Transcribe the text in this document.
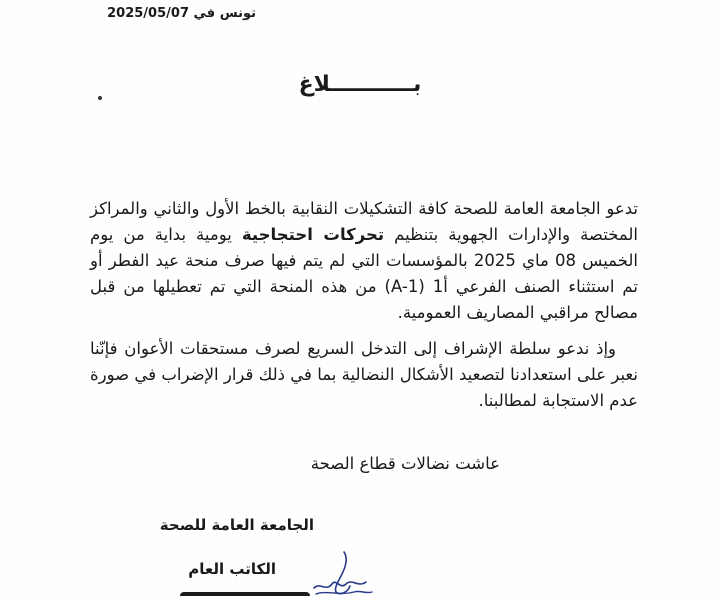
تونس في 2025/05/07
بـــــــــــلاغ

تدعو الجامعة العامة للصحة كافة التشكيلات النقابية بالخط الأول والثاني والمراكز المختصة والإدارات الجهوية بتنظيم تحركات احتجاجية يومية بداية من يوم الخميس 08 ماي 2025 بالمؤسسات التي لم يتم فيها صرف منحة عيد الفطر أو تم استثناء الصنف الفرعي أ1 (A-1) من هذه المنحة التي تم تعطيلها من قبل مصالح مراقبي المصاريف العمومية.

وإذ ندعو سلطة الإشراف إلى التدخل السريع لصرف مستحقات الأعوان فإنّنا نعبر على استعدادنا لتصعيد الأشكال النضالية بما في ذلك قرار الإضراب في صورة عدم الاستجابة لمطالبنا.

عاشت نضالات قطاع الصحة
الجامعة العامة للصحة
الكاتب العام
